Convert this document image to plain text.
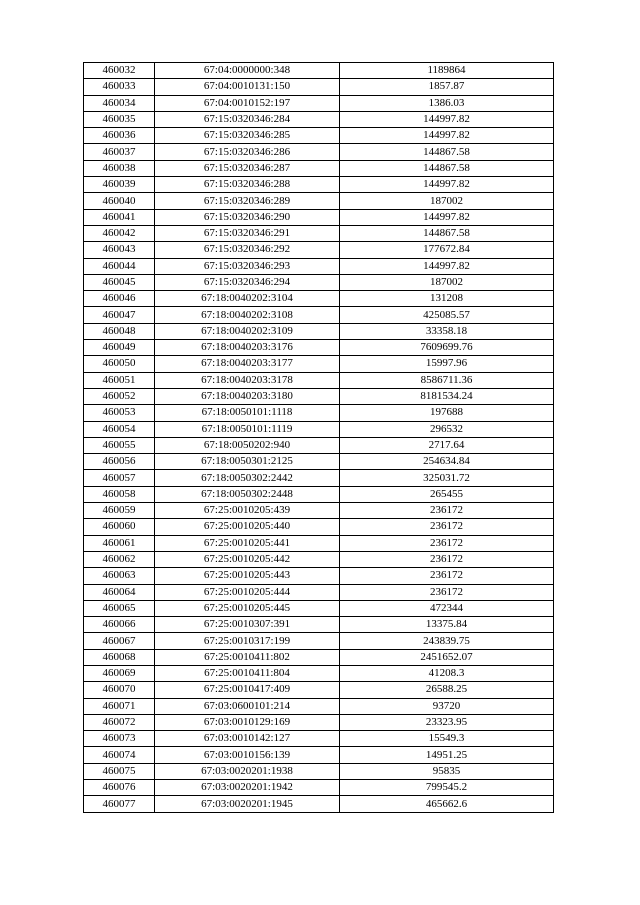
460032	67:04:0000000:348	1189864
460033	67:04:0010131:150	1857.87
460034	67:04:0010152:197	1386.03
460035	67:15:0320346:284	144997.82
460036	67:15:0320346:285	144997.82
460037	67:15:0320346:286	144867.58
460038	67:15:0320346:287	144867.58
460039	67:15:0320346:288	144997.82
460040	67:15:0320346:289	187002
460041	67:15:0320346:290	144997.82
460042	67:15:0320346:291	144867.58
460043	67:15:0320346:292	177672.84
460044	67:15:0320346:293	144997.82
460045	67:15:0320346:294	187002
460046	67:18:0040202:3104	131208
460047	67:18:0040202:3108	425085.57
460048	67:18:0040202:3109	33358.18
460049	67:18:0040203:3176	7609699.76
460050	67:18:0040203:3177	15997.96
460051	67:18:0040203:3178	8586711.36
460052	67:18:0040203:3180	8181534.24
460053	67:18:0050101:1118	197688
460054	67:18:0050101:1119	296532
460055	67:18:0050202:940	2717.64
460056	67:18:0050301:2125	254634.84
460057	67:18:0050302:2442	325031.72
460058	67:18:0050302:2448	265455
460059	67:25:0010205:439	236172
460060	67:25:0010205:440	236172
460061	67:25:0010205:441	236172
460062	67:25:0010205:442	236172
460063	67:25:0010205:443	236172
460064	67:25:0010205:444	236172
460065	67:25:0010205:445	472344
460066	67:25:0010307:391	13375.84
460067	67:25:0010317:199	243839.75
460068	67:25:0010411:802	2451652.07
460069	67:25:0010411:804	41208.3
460070	67:25:0010417:409	26588.25
460071	67:03:0600101:214	93720
460072	67:03:0010129:169	23323.95
460073	67:03:0010142:127	15549.3
460074	67:03:0010156:139	14951.25
460075	67:03:0020201:1938	95835
460076	67:03:0020201:1942	799545.2
460077	67:03:0020201:1945	465662.6
